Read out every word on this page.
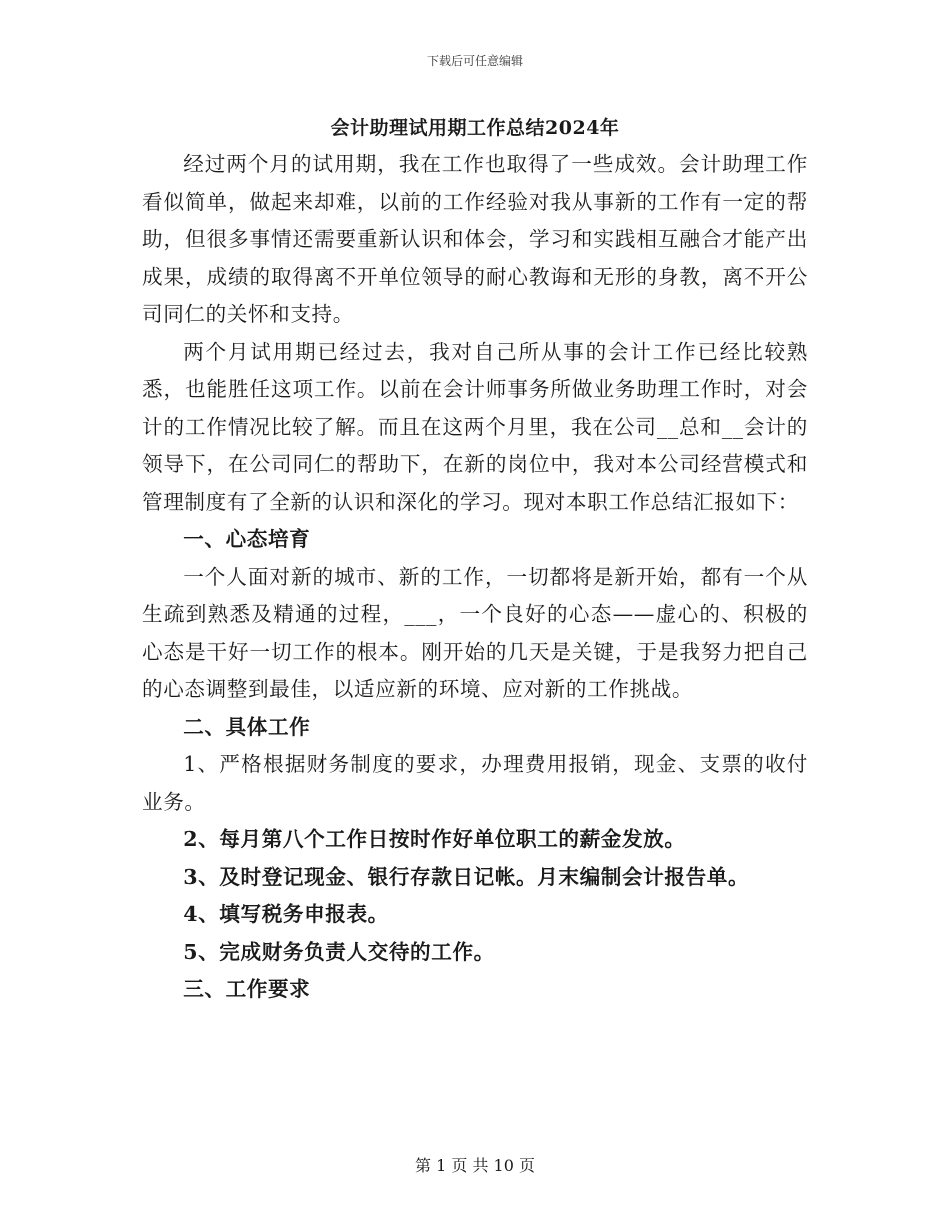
下载后可任意编辑
会计助理试用期工作总结2024年

经过两个月的试用期，我在工作也取得了一些成效。会计助理工作看似简单，做起来却难，以前的工作经验对我从事新的工作有一定的帮助，但很多事情还需要重新认识和体会，学习和实践相互融合才能产出成果，成绩的取得离不开单位领导的耐心教诲和无形的身教，离不开公司同仁的关怀和支持。

两个月试用期已经过去，我对自己所从事的会计工作已经比较熟悉，也能胜任这项工作。以前在会计师事务所做业务助理工作时，对会计的工作情况比较了解。而且在这两个月里，我在公司__总和__会计的领导下，在公司同仁的帮助下，在新的岗位中，我对本公司经营模式和管理制度有了全新的认识和深化的学习。现对本职工作总结汇报如下：

一、心态培育

一个人面对新的城市、新的工作，一切都将是新开始，都有一个从生疏到熟悉及精通的过程，___，一个良好的心态——虚心的、积极的心态是干好一切工作的根本。刚开始的几天是关键，于是我努力把自己的心态调整到最佳，以适应新的环境、应对新的工作挑战。

二、具体工作

1、严格根据财务制度的要求，办理费用报销，现金、支票的收付业务。

2、每月第八个工作日按时作好单位职工的薪金发放。

3、及时登记现金、银行存款日记帐。月末编制会计报告单。

4、填写税务申报表。

5、完成财务负责人交待的工作。

三、工作要求

第 1 页 共 10 页
